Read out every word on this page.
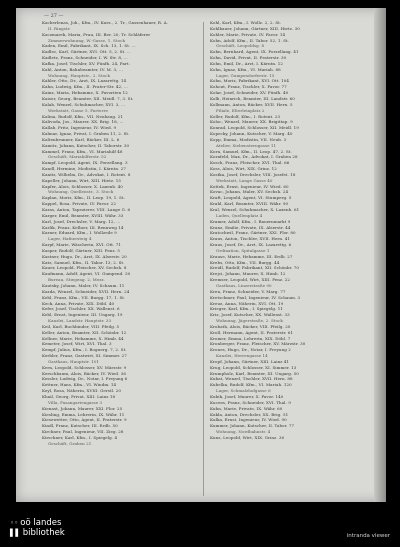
— 27 —
Kacherlenas, Joh., Kfm., IV. Kurz., 2. Tr., Gassenhauer, R. A.
II. Ringstr.
Kaczmarek, Maria, Frau, III. Ber. 20, Tr. Schläferer
Zimmerwohnung, W.-Gasse, 1. Stock
Kaden, Emil, Fabrikant, IX. Sch. 13, 1. St. ...
Kadlec, Karl, Gärtner, XVI. Ott. 5, 2. St. ...
Kadletz, Franz, Schneider, I. W. Str. 8, ...
Kafka, Josef, Tischler, XV. Fünfh. 24, Part.
Kahl, Anton, Bahnbeamter, IV. M. 3, ...
Wohnung, Hauptstr., 2. Stock
Kahler, Otto, Dr., Arzt, IX. Lazarettg. 14
Kahn, Ludwig, Kfm., II. Prater-Str. 42, ...
Kainz, Maria, Hebamme, X. Favoriten 12
Kaiser, Georg, Beamter, XII. Meidl. 7, 3. St.
Kalab, Wenzel, Schuhmacher, XVI. 3, ...
Werkstatt, Gasse 5, Parterre
Kalina, Rudolf, Kfm., VII. Neubaug. 21
Kalivoda, Jos., Maurer, XX. Brig. 18, ...
Kallab, Fritz, Ingenieur, IV. Wied. 9
Kalmar, Ignaz, Privat, I. Graben 11, 2. St.
Kaltenbrunner, Karl, Bäcker, III. L. 6
Kamitz, Johann, Kutscher, II. Taborstr. 30
Kammel, Franz, Kfm., VI. Mariahilf 48
Geschäft, Mariahilferstr. 52
Kampf, Leopold, Agent, IX. Porzellang. 3
Kandl, Hermine, Modistin, I. Kärntn. 27
Kanitz, Wilhelm, Dr., Advokat, I. Rotent. 8
Kapeller, Johann, Wirt, XIII. Hietz. 15
Kapfer, Alois, Schlosser, X. Laxenb. 40
Wohnung, Quellenstr., 3. Stock
Kaplan, Moriz, Kfm., II. Leop. 19, 1. St.
Kappel, Rosa, Private, IV. Favor. 22
Karas, Anton, Tapezierer, VIII. Lange G. 6
Karger, Emil, Beamter, XVIII. Währ. 33
Karl, Josef, Drechsler, V. Marg. 12, ...
Karlik, Franz, Kellner, III. Rennweg 14
Karner, Eduard, Kfm., I. Wollzeile 9
Lager, Hafnersteig 4
Karpf, Marie, Wäscherin, XVI. Ott. 71
Kasper, Rudolf, Gärtner, XIII. Penz. 5
Kastner, Hugo, Dr., Arzt, IX. Alserstr. 20
Katz, Samuel, Kfm., II. Tabor. 13, 2. St.
Kauer, Leopold, Fleischer, XV. Sechsh. 8
Kaufmann, Adolf, Agent, VI. Gumpend. 30
Bureau, Stiegeng. 2, Mezz.
Kautsky, Johann, Maler, IV. Schaum. 11
Kazda, Wenzel, Schneider, XVII. Hern. 24
Kebl, Franz, Kfm., VII. Burgg. 17, 1. St.
Keck, Anna, Private, XIX. Döbl. 40
Kefer, Josef, Tischler, XX. Wallenst. 6
Kehl, Ernst, Ingenieur, III. Ungarg. 19
Kanzlei, Landstr. Hauptstr. 33
Keil, Karl, Buchbinder, VIII. Pfeilg. 5
Keller, Anton, Beamter, XII. Schönbr. 12
Kellner, Marie, Hebamme, X. Himb. 44
Kemeter, Josef, Wirt, XVI. Thal. 3
Kempf, Julius, Kfm., I. Bognerg. 7, 2. St.
Kerbler, Franz, Gastwirt, XI. Simmer. 27
Gasthaus, Hauptstr. 101
Kern, Leopold, Schlosser, XV. Märzstr. 9
Kerschbaum, Alois, Bäcker, IV. Wied. 36
Kessler, Ludwig, Dr., Notar, I. Freyung 6
Kettner, Hans, Kfm., VI. Windm. 14
Keyl, Rosa, Näherin, XVIII. Gerstl. 20
Khail, Georg, Privat, XIII. Lainz 18
Villa, Fasangartengasse 3
Kienast, Johann, Maurer, XXI. Flor. 25
Kiesling, Emma, Lehrerin, IX. Währ. 11
Kiesewetter, Otto, Agent, II. Praterstr. 9
Kindl, Franz, Kutscher, III. Erdb. 50
Kirchner, Paul, Ingenieur, VII. Zieg. 28
Kirschner, Karl, Kfm., I. Spiegelg. 4
Geschäft, Graben 21
Kohl, Karl, Kfm., I. Wollz. 2, 2. St.
Kohlbauer, Johann, Gärtner, XIII. Hietz. 30
Kohler, Marie, Private, IV. Favor. 14
Kohn, Adolf, Kfm., II. Tabor. 52, 1. St.
Geschäft, Leopoldsg. 8
Kohn, Bernhard, Agent, IX. Porzellang. 41
Kohn, David, Privat, II. Praterstr. 30
Kohn, Emil, Dr., Arzt, I. Kärntn. 12
Kohn, Ignaz, Kfm., VI. Mariah. 88
Lager, Gumpendorferstr. 15
Kohn, Moriz, Fabrikant, XVI. Ott. 104
Kohout, Franz, Tischler, X. Favor. 77
Kolar, Josef, Schneider, XV. Fünfh. 40
Kolb, Heinrich, Beamter, III. Landstr. 60
Kollmann, Anton, Bäcker, XVII. Hern. 5
Filiale, Elterleinplatz 2
Koller, Rudolf, Kfm., I. Rotent. 23
Koloc, Wenzel, Maurer, XX. Brigittap. 9
Konrad, Leopold, Schlosser, XII. Meidl. 19
Kopecky, Johann, Kutscher, V. Marg. 40
Kopp, Emma, Modistin, VII. Neub. 3
Atelier, Siebensterngasse 11
Korn, Samuel, Kfm., II. Leop. 47, 2. St.
Kornfeld, Max, Dr., Advokat, I. Graben 28
Kosch, Franz, Fleischer, XVI. Thal. 66
Koss, Alois, Wirt, XIX. Grinz. 12
Kostka, Josef, Drechsler, VIII. Josefst. 18
Werkstatt, Lange Gasse 40
Kottek, Ernst, Ingenieur, IV. Wied. 60
Kovac, Johann, Maler, XV. Sechsh. 24
Kraft, Leopold, Agent, VI. Stumperg. 5
Krahl, Karl, Beamter, XVIII. Währ. 90
Kral, Wenzel, Schuhmacher, X. Laxenb. 61
Laden, Quellenplatz 4
Kramer, Adolf, Kfm., I. Bauernmarkt 9
Kranz, Emilie, Private, IX. Alserstr. 44
Kratochwil, Franz, Gärtner, XXI. Flor. 80
Kraus, Anton, Tischler, XVII. Hern. 41
Kraus, Josef, Dr., Arzt, IX. Lazarettg. 6
Ordination, Spitalgasse 1
Krause, Marie, Hebamme, III. Erdb. 27
Krebs, Otto, Kfm., VII. Burgg. 44
Kreidl, Rudolf, Fabrikant, XII. Schönbr. 70
Krejci, Johann, Maurer, X. Himb. 12
Kremser, Leopold, Wirt, XIII. Penz. 22
Gasthaus, Linzerstraße 90
Kren, Franz, Schneider, V. Marg. 77
Kretschmer, Paul, Ingenieur, IV. Schaum. 3
Kreuz, Anna, Näherin, XVI. Ott. 19
Krieger, Karl, Kfm., I. Spiegelg. 11
Kriz, Josef, Kutscher, XX. Wallenst. 33
Wohnung, Jägerstraße, 2. Stock
Krobath, Alois, Bäcker, VIII. Pfeilg. 20
Kroll, Hermann, Agent, II. Praterstr. 61
Kromer, Emma, Lehrerin, XIX. Döbl. 7
Kronberger, Franz, Fleischer, XV. Märzstr. 30
Krones, Hugo, Dr., Notar, I. Freyung 2
Kanzlei, Herrengasse 14
Kropf, Johann, Gärtner, XIII. Lainz 41
Krug, Leopold, Schlosser, XI. Simmer. 13
Krumpholz, Karl, Beamter, III. Ungarg. 50
Kubat, Wenzel, Tischler, XVII. Hern. 88
Kubelka, Rudolf, Kfm., VI. Mariah. 120
Lager, Schmalzhofgasse 6
Kubik, Josef, Maurer, X. Favor. 140
Kucera, Franz, Schneider, XVI. Thal. 9
Kuhn, Marie, Private, IX. Währ. 60
Kukla, Anton, Drechsler, XX. Brig. 51
Kulka, Ernst, Ingenieur, IV. Wied. 90
Kummer, Johann, Kutscher, II. Tabor. 77
Wohnung, Nordbahnstr. 4
Kunz, Leopold, Wirt, XIX. Grinz. 30
◦◦ oö landes
▌▌ bibliothek	intranda viewer
